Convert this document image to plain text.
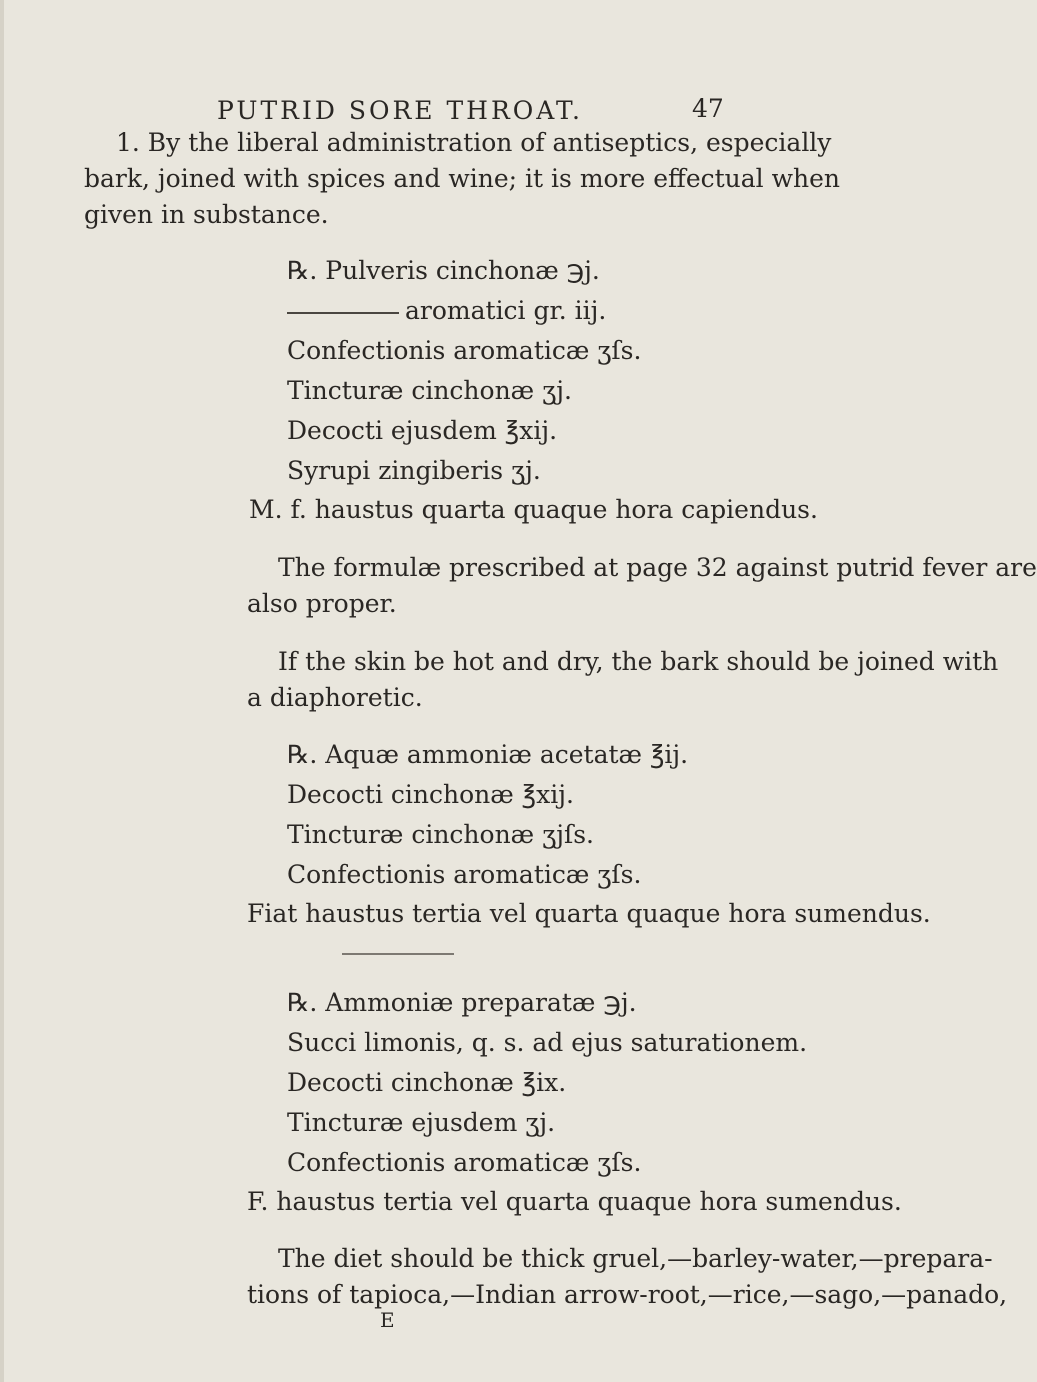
PUTRID SORE THROAT.	47
1. By the liberal administration of antiseptics, especially
bark, joined with spices and wine; it is more effectual when
given in substance.
℞. Pulveris cinchonæ ℈j.
aromatici gr. iij.
Confectionis aromaticæ ʒſs.
Tincturæ cinchonæ ʒj.
Decocti ejusdem ℥xij.
Syrupi zingiberis ʒj.
M. f. haustus quarta quaque hora capiendus.
The formulæ prescribed at page 32 against putrid fever are
also proper.
If the skin be hot and dry, the bark should be joined with
a diaphoretic.
℞. Aquæ ammoniæ acetatæ ℥ij.
Decocti cinchonæ ℥xij.
Tincturæ cinchonæ ʒjſs.
Confectionis aromaticæ ʒſs.
Fiat haustus tertia vel quarta quaque hora sumendus.
℞. Ammoniæ preparatæ ℈j.
Succi limonis, q. s. ad ejus saturationem.
Decocti cinchonæ ℥ix.
Tincturæ ejusdem ʒj.
Confectionis aromaticæ ʒſs.
F. haustus tertia vel quarta quaque hora sumendus.
The diet should be thick gruel,—barley-water,—prepara-
tions of tapioca,—Indian arrow-root,—rice,—sago,—panado,
E
